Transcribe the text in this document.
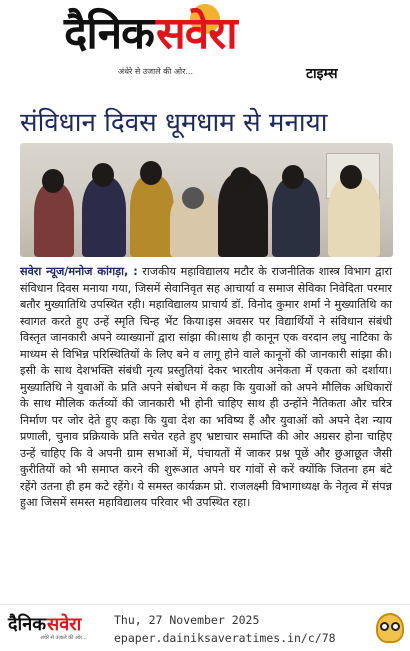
दैनिक सवेरा
अंधेरे से उजाले की ओर...	टाइम्स
संविधान दिवस धूमधाम से मनाया
सवेरा न्यूज/मनोज कांगड़ा, : राजकीय महाविद्यालय मटौर के राजनीतिक शास्त्र विभाग द्वारा संविधान दिवस मनाया गया, जिसमें सेवानिवृत सह आचार्या व समाज सेविका निवेदिता परमार बतौर मुख्यातिथि उपस्थित रही। महाविद्यालय प्राचार्य डॉ. विनोद कुमार शर्मा ने मुख्यातिथि का स्वागत करते हुए उन्हें स्मृति चिन्ह भेंट किया।इस अवसर पर विद्यार्थियों ने संविधान संबंधी विस्तृत जानकारी अपने व्याख्यानों द्वारा सांझा की।साथ ही कानून एक वरदान लघु नाटिका के माध्यम से विभिन्न परिस्थितियों के लिए बने व लागू होने वाले कानूनों की जानकारी सांझा की। इसी के साथ देशभक्ति संबंधी नृत्य प्रस्तुतियां देकर भारतीय अनेकता में एकता को दर्शाया। मुख्यातिथि ने युवाओं के प्रति अपने संबोधन में कहा कि युवाओं को अपने मौलिक अधिकारों के साथ मौलिक कर्तव्यों की जानकारी भी होनी चाहिए साथ ही उन्होंने नैतिकता और चरित्र निर्माण पर जोर देते हुए कहा कि युवा देश का भविष्य हैं और युवाओं को अपने देश न्याय प्रणाली, चुनाव प्रक्रियाके प्रति सचेत रहते हुए भ्रष्टाचार समाप्ति की ओर अग्रसर होना चाहिए उन्हें चाहिए कि वे अपनी ग्राम सभाओं में, पंचायतों में जाकर प्रश्न पूछें और छुआछूत जैसी कुरीतियों को भी समाप्त करने की शुरूआत अपने घर गांवों से करें क्योंकि जितना हम बंटे रहेंगे उतना ही हम कटे रहेंगे। ये समस्त कार्यक्रम प्रो. राजलक्ष्मी विभागाध्यक्ष के नेतृत्व में संपन्न हुआ जिसमें समस्त महाविद्यालय परिवार भी उपस्थित रहा।
दैनिक सवेरा
अंधेरे से उजाले की ओर...
Thu, 27 November 2025
epaper.dainiksaveratimes.in/c/78
